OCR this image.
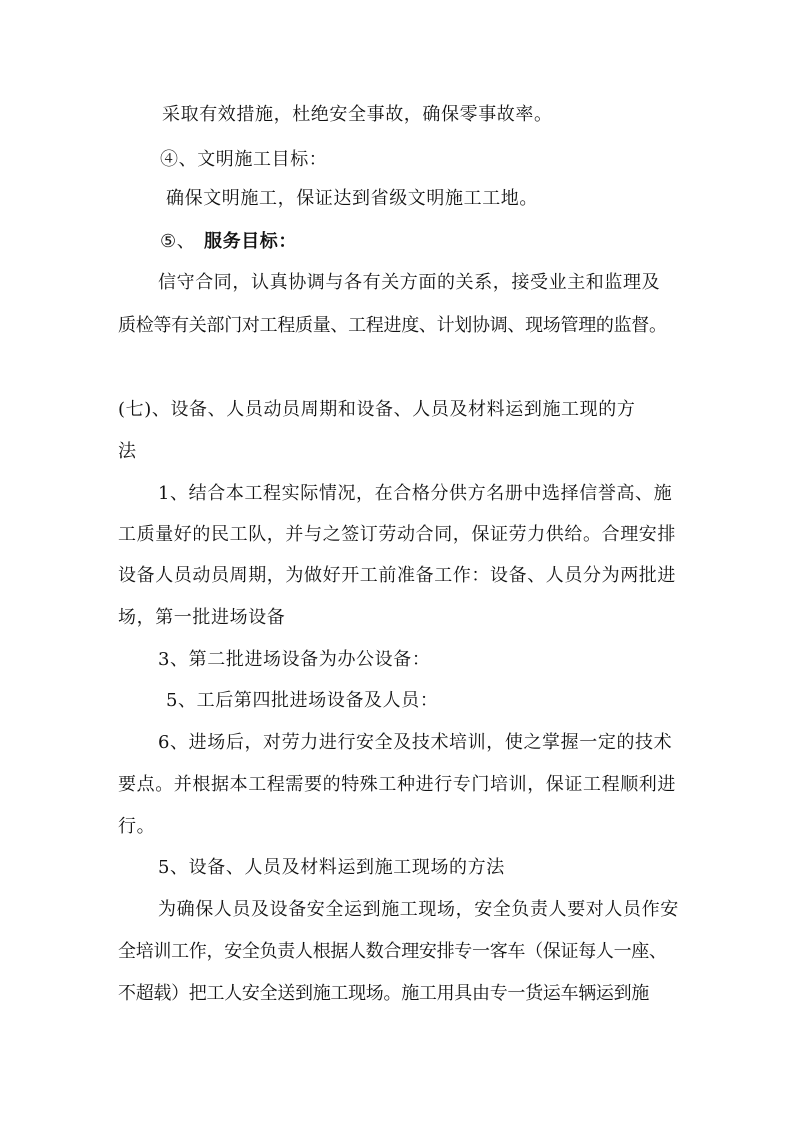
采取有效措施，杜绝安全事故，确保零事故率。
④、文明施工目标：
确保文明施工，保证达到省级文明施工工地。
⑤、 服务目标：
信守合同，认真协调与各有关方面的关系，接受业主和监理及
质检等有关部门对工程质量、工程进度、计划协调、现场管理的监督。
(七)、设备、人员动员周期和设备、人员及材料运到施工现的方
法
1、结合本工程实际情况，在合格分供方名册中选择信誉高、施
工质量好的民工队，并与之签订劳动合同，保证劳力供给。合理安排
设备人员动员周期，为做好开工前准备工作：设备、人员分为两批进
场，第一批进场设备
3、第二批进场设备为办公设备：
5、工后第四批进场设备及人员：
6、进场后，对劳力进行安全及技术培训，使之掌握一定的技术
要点。并根据本工程需要的特殊工种进行专门培训，保证工程顺利进
行。
5、设备、人员及材料运到施工现场的方法
为确保人员及设备安全运到施工现场，安全负责人要对人员作安
全培训工作，安全负责人根据人数合理安排专一客车（保证每人一座、
不超载）把工人安全送到施工现场。施工用具由专一货运车辆运到施
